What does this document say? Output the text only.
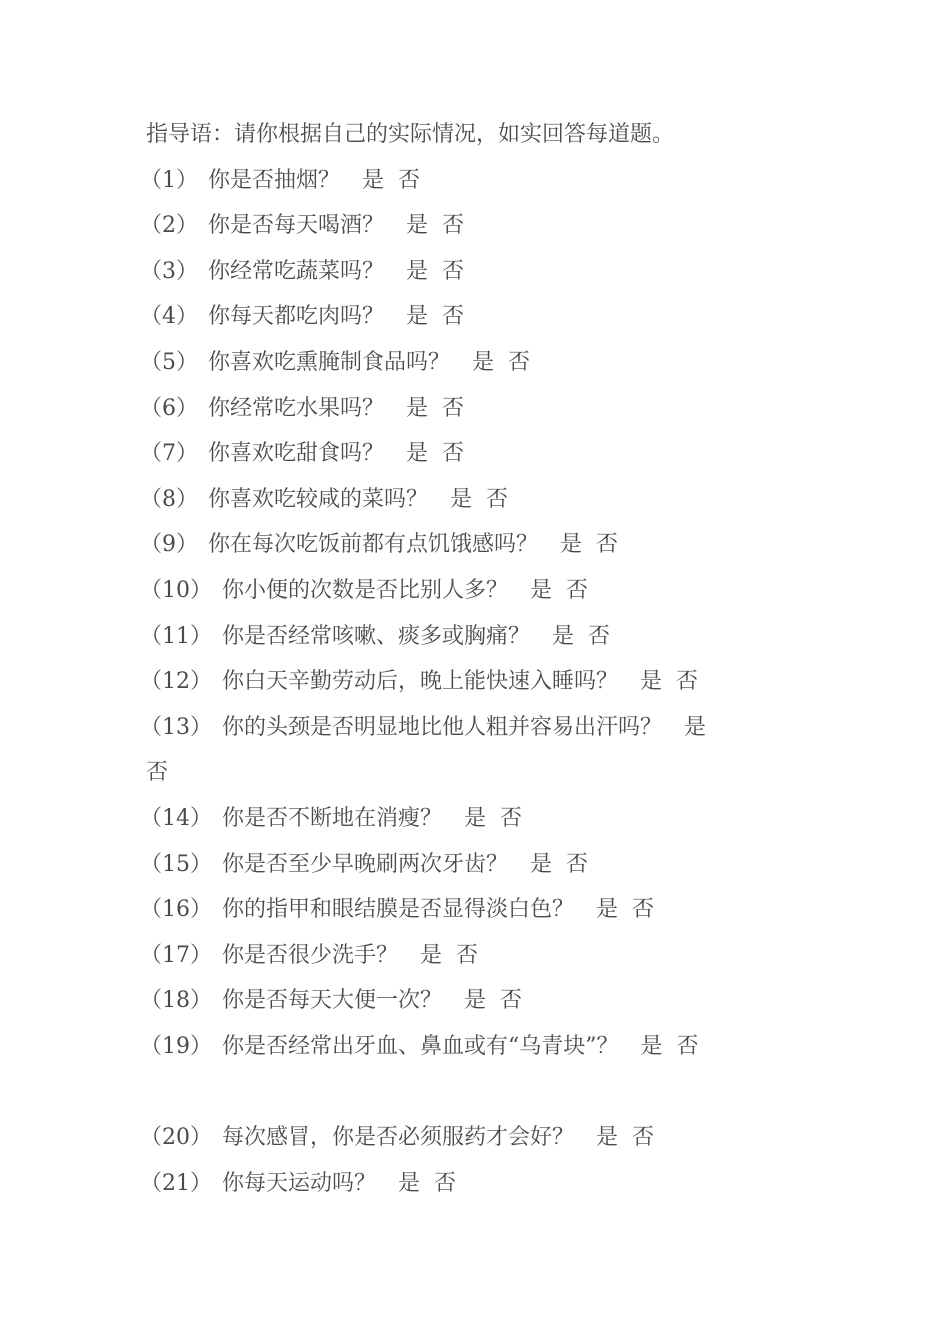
指导语：请你根据自己的实际情况，如实回答每道题。
（1） 你是否抽烟？ 是 否
（2） 你是否每天喝酒？ 是 否
（3） 你经常吃蔬菜吗？ 是 否
（4） 你每天都吃肉吗？ 是 否
（5） 你喜欢吃熏腌制食品吗？ 是 否
（6） 你经常吃水果吗？ 是 否
（7） 你喜欢吃甜食吗？ 是 否
（8） 你喜欢吃较咸的菜吗？ 是 否
（9） 你在每次吃饭前都有点饥饿感吗？ 是 否
（10） 你小便的次数是否比别人多？ 是 否
（11） 你是否经常咳嗽、痰多或胸痛？ 是 否
（12） 你白天辛勤劳动后，晚上能快速入睡吗？ 是 否
（13） 你的头颈是否明显地比他人粗并容易出汗吗？ 是
否
（14） 你是否不断地在消瘦？ 是 否
（15） 你是否至少早晚刷两次牙齿？ 是 否
（16） 你的指甲和眼结膜是否显得淡白色？ 是 否
（17） 你是否很少洗手？ 是 否
（18） 你是否每天大便一次？ 是 否
（19） 你是否经常出牙血、鼻血或有“乌青块”？ 是 否
（20） 每次感冒，你是否必须服药才会好？ 是 否
（21） 你每天运动吗？ 是 否
